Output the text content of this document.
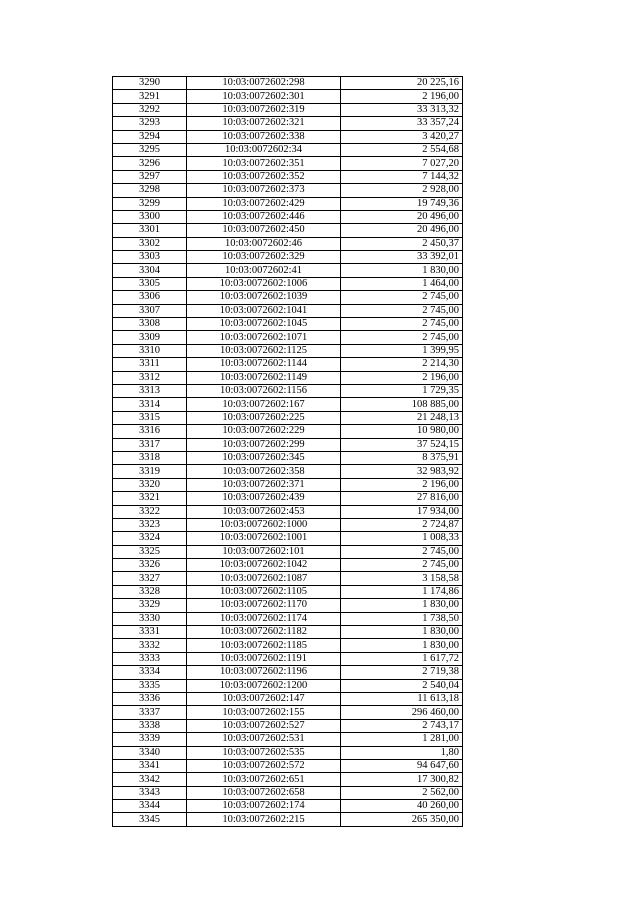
3290	10:03:0072602:298	20 225,16
3291	10:03:0072602:301	2 196,00
3292	10:03:0072602:319	33 313,32
3293	10:03:0072602:321	33 357,24
3294	10:03:0072602:338	3 420,27
3295	10:03:0072602:34	2 554,68
3296	10:03:0072602:351	7 027,20
3297	10:03:0072602:352	7 144,32
3298	10:03:0072602:373	2 928,00
3299	10:03:0072602:429	19 749,36
3300	10:03:0072602:446	20 496,00
3301	10:03:0072602:450	20 496,00
3302	10:03:0072602:46	2 450,37
3303	10:03:0072602:329	33 392,01
3304	10:03:0072602:41	1 830,00
3305	10:03:0072602:1006	1 464,00
3306	10:03:0072602:1039	2 745,00
3307	10:03:0072602:1041	2 745,00
3308	10:03:0072602:1045	2 745,00
3309	10:03:0072602:1071	2 745,00
3310	10:03:0072602:1125	1 399,95
3311	10:03:0072602:1144	2 214,30
3312	10:03:0072602:1149	2 196,00
3313	10:03:0072602:1156	1 729,35
3314	10:03:0072602:167	108 885,00
3315	10:03:0072602:225	21 248,13
3316	10:03:0072602:229	10 980,00
3317	10:03:0072602:299	37 524,15
3318	10:03:0072602:345	8 375,91
3319	10:03:0072602:358	32 983,92
3320	10:03:0072602:371	2 196,00
3321	10:03:0072602:439	27 816,00
3322	10:03:0072602:453	17 934,00
3323	10:03:0072602:1000	2 724,87
3324	10:03:0072602:1001	1 008,33
3325	10:03:0072602:101	2 745,00
3326	10:03:0072602:1042	2 745,00
3327	10:03:0072602:1087	3 158,58
3328	10:03:0072602:1105	1 174,86
3329	10:03:0072602:1170	1 830,00
3330	10:03:0072602:1174	1 738,50
3331	10:03:0072602:1182	1 830,00
3332	10:03:0072602:1185	1 830,00
3333	10:03:0072602:1191	1 617,72
3334	10:03:0072602:1196	2 719,38
3335	10:03:0072602:1200	2 540,04
3336	10:03:0072602:147	11 613,18
3337	10:03:0072602:155	296 460,00
3338	10:03:0072602:527	2 743,17
3339	10:03:0072602:531	1 281,00
3340	10:03:0072602:535	1,80
3341	10:03:0072602:572	94 647,60
3342	10:03:0072602:651	17 300,82
3343	10:03:0072602:658	2 562,00
3344	10:03:0072602:174	40 260,00
3345	10:03:0072602:215	265 350,00
